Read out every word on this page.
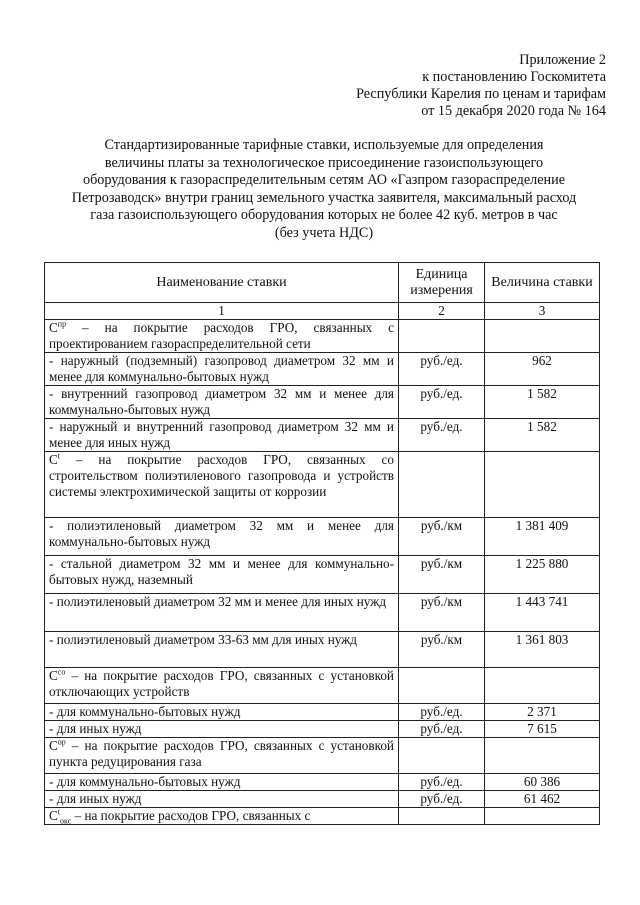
Приложение 2
к постановлению Госкомитета
Республики Карелия по ценам и тарифам
от 15 декабря 2020 года № 164
Стандартизированные тарифные ставки, используемые для определения
величины платы за технологическое присоединение газоиспользующего
оборудования к газораспределительным сетям АО «Газпром газораспределение
Петрозаводск» внутри границ земельного участка заявителя, максимальный расход
газа газоиспользующего оборудования которых не более 42 куб. метров в час
(без учета НДС)
Наименование ставки	Единица измерения	Величина ставки
1	2	3
$C^{пр}$ – на покрытие расходов ГРО, связанных с проектированием газораспределительной сети		
- наружный (подземный) газопровод диаметром 32 мм и менее для коммунально-бытовых нужд	руб./ед.	962
- внутренний газопровод диаметром 32 мм и менее для коммунально-бытовых нужд	руб./ед.	1 582
- наружный и внутренний газопровод диаметром 32 мм и менее для иных нужд	руб./ед.	1 582
$C^t$ – на покрытие расходов ГРО, связанных со строительством полиэтиленового газопровода и устройств системы электрохимической защиты от коррозии		
- полиэтиленовый диаметром 32 мм и менее для коммунально-бытовых нужд	руб./км	1 381 409
- стальной диаметром 32 мм и менее для коммунально-бытовых нужд, наземный	руб./км	1 225 880
- полиэтиленовый диаметром 32 мм и менее для иных нужд	руб./км	1 443 741
- полиэтиленовый диаметром 33-63 мм для иных нужд	руб./км	1 361 803
$C^{со}$ – на покрытие расходов ГРО, связанных с установкой отключающих устройств		
- для коммунально-бытовых нужд	руб./ед.	2 371
- для иных нужд	руб./ед.	7 615
$C^{ор}$ – на покрытие расходов ГРО, связанных с установкой пункта редуцирования газа		
- для коммунально-бытовых нужд	руб./ед.	60 386
- для иных нужд	руб./ед.	61 462
$C^t_{окс}$ – на покрытие расходов ГРО, связанных с		
